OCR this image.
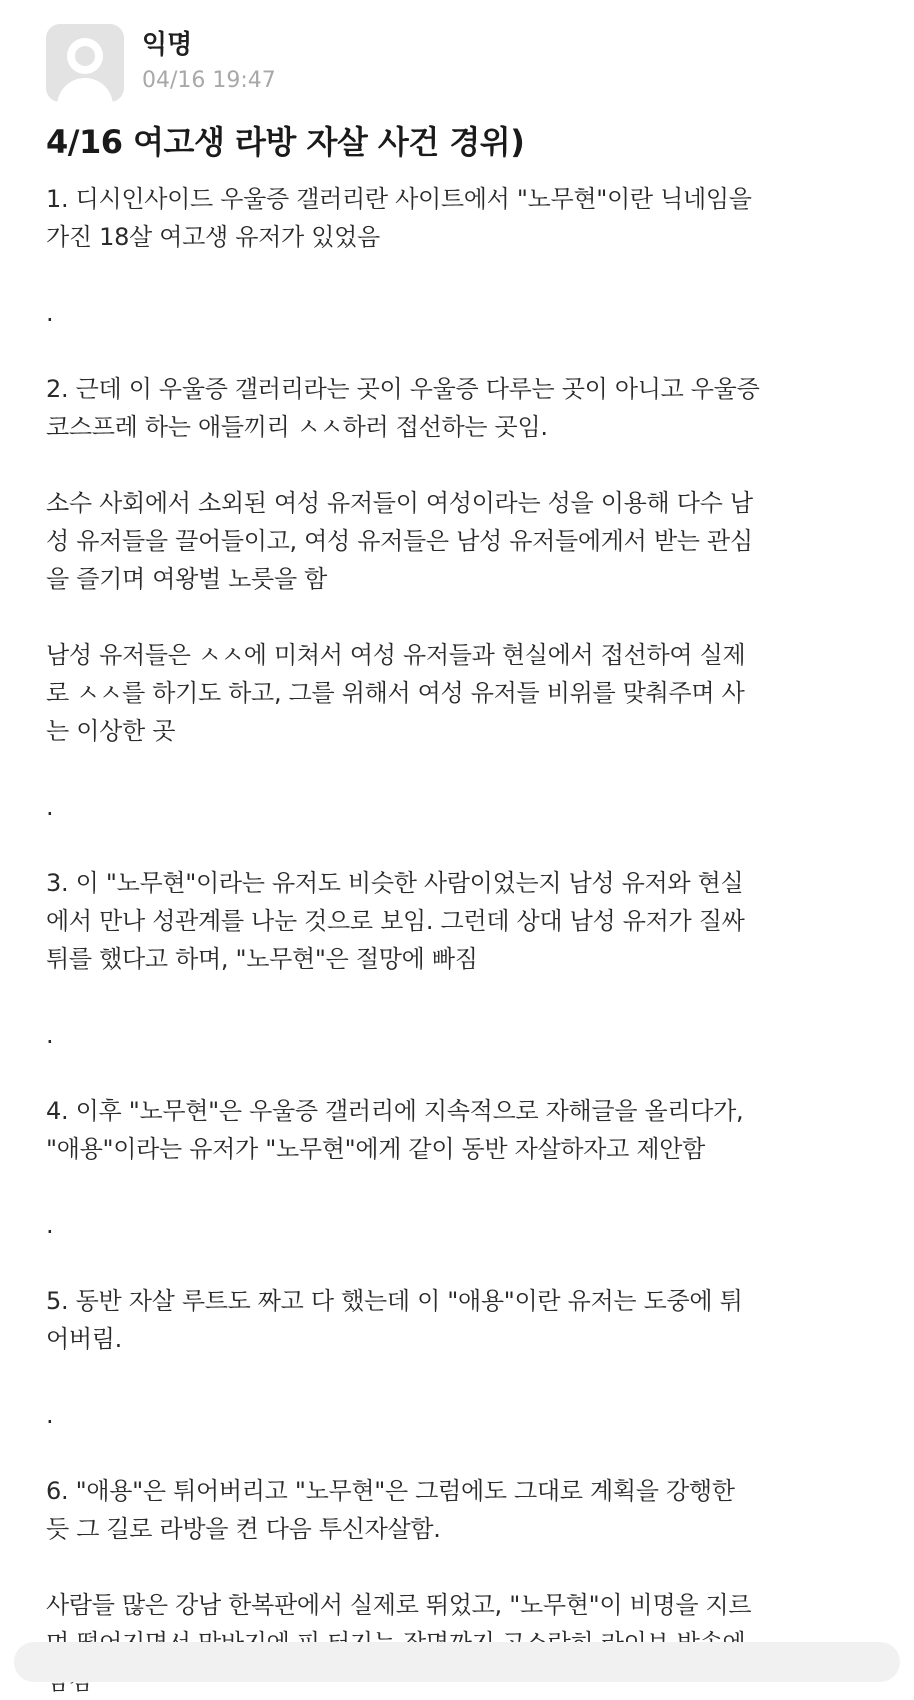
익명
04/16 19:47
4/16 여고생 라방 자살 사건 경위)
1. 디시인사이드 우울증 갤러리란 사이트에서 "노무현"이란 닉네임을
가진 18살 여고생 유저가 있었음
.
2. 근데 이 우울증 갤러리라는 곳이 우울증 다루는 곳이 아니고 우울증
코스프레 하는 애들끼리 ㅅㅅ하러 접선하는 곳임.
소수 사회에서 소외된 여성 유저들이 여성이라는 성을 이용해 다수 남
성 유저들을 끌어들이고, 여성 유저들은 남성 유저들에게서 받는 관심
을 즐기며 여왕벌 노릇을 함
남성 유저들은 ㅅㅅ에 미쳐서 여성 유저들과 현실에서 접선하여 실제
로 ㅅㅅ를 하기도 하고, 그를 위해서 여성 유저들 비위를 맞춰주며 사
는 이상한 곳
.
3. 이 "노무현"이라는 유저도 비슷한 사람이었는지 남성 유저와 현실
에서 만나 성관계를 나눈 것으로 보임. 그런데 상대 남성 유저가 질싸
튀를 했다고 하며, "노무현"은 절망에 빠짐
.
4. 이후 "노무현"은 우울증 갤러리에 지속적으로 자해글을 올리다가,
"애용"이라는 유저가 "노무현"에게 같이 동반 자살하자고 제안함
.
5. 동반 자살 루트도 짜고 다 했는데 이 "애용"이란 유저는 도중에 튀
어버림.
.
6. "애용"은 튀어버리고 "노무현"은 그럼에도 그대로 계획을 강행한
듯 그 길로 라방을 켠 다음 투신자살함.
사람들 많은 강남 한복판에서 실제로 뛰었고, "노무현"이 비명을 지르
